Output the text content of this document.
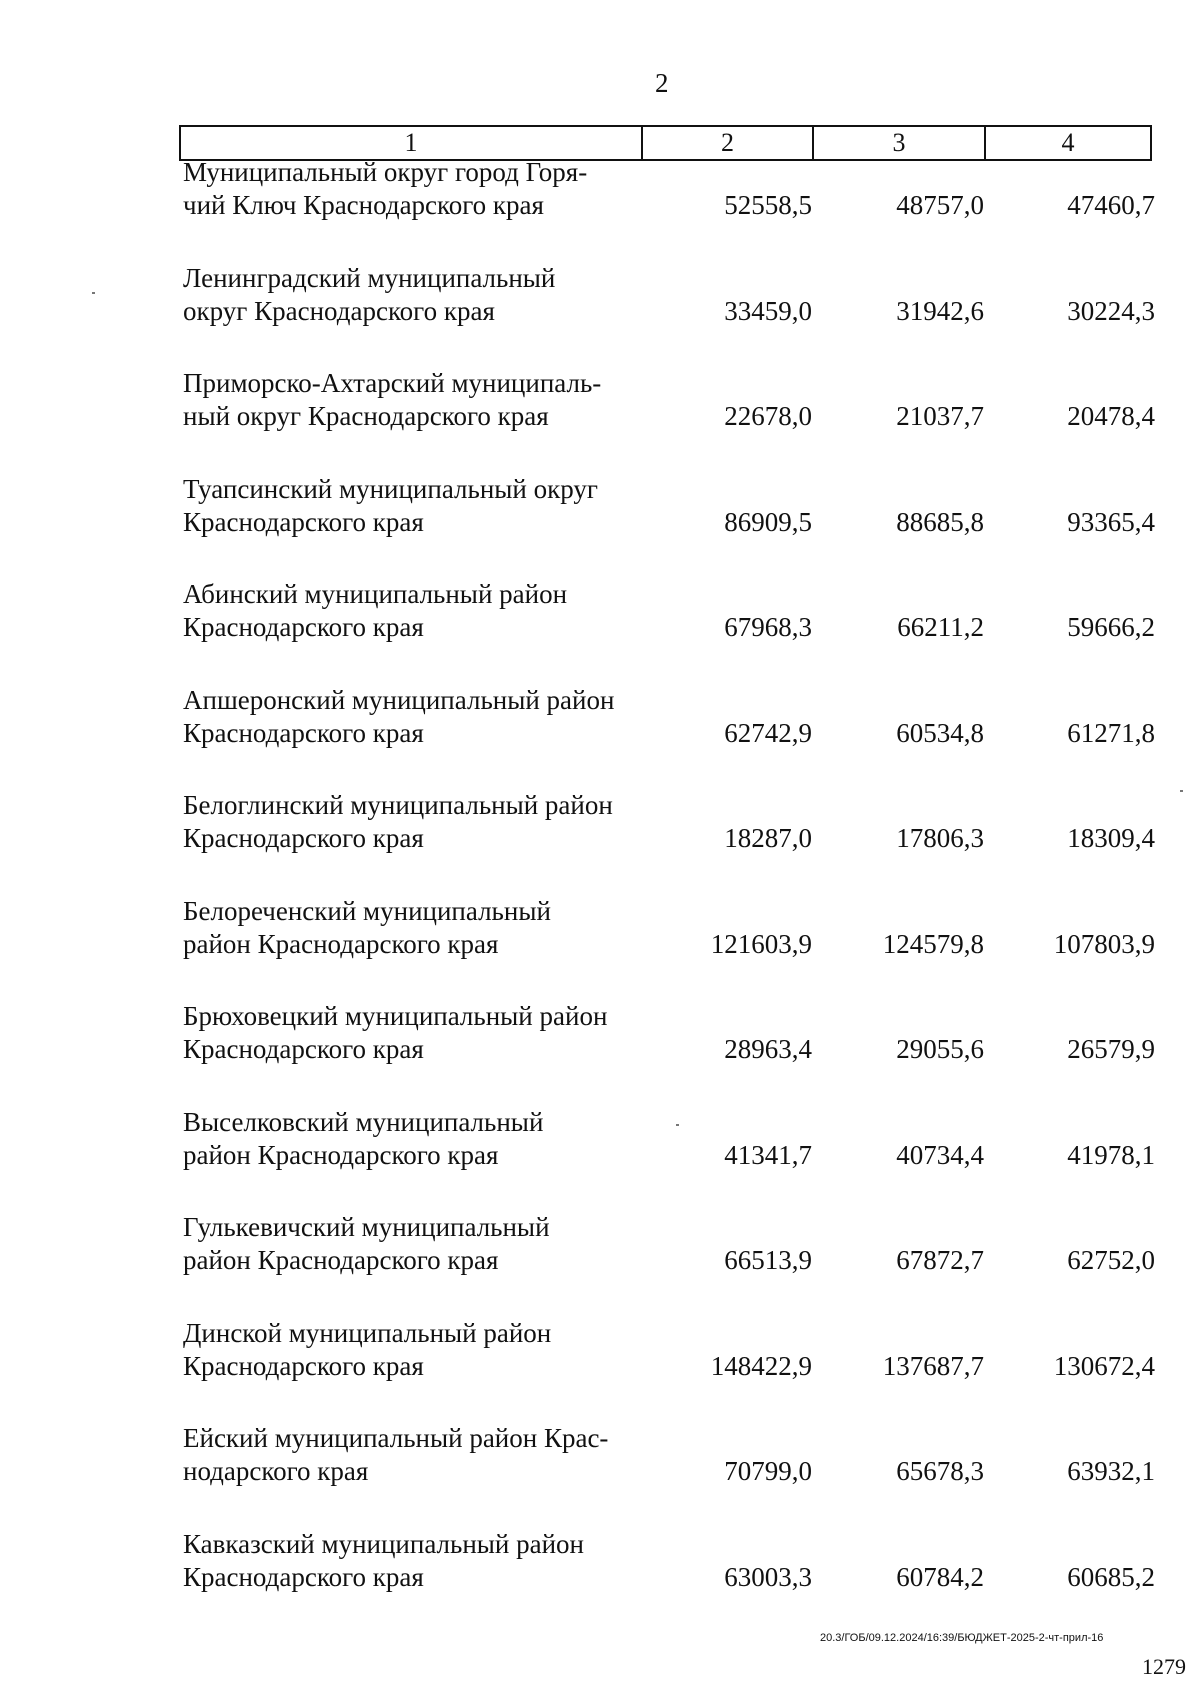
2
1	2	3	4
Муниципальный округ город Горя-
чий Ключ Краснодарского края	52558,5	48757,0	47460,7
Ленинградский муниципальный
округ Краснодарского края	33459,0	31942,6	30224,3
Приморско-Ахтарский муниципаль-
ный округ Краснодарского края	22678,0	21037,7	20478,4
Туапсинский муниципальный округ
Краснодарского края	86909,5	88685,8	93365,4
Абинский муниципальный район
Краснодарского края	67968,3	66211,2	59666,2
Апшеронский муниципальный район
Краснодарского края	62742,9	60534,8	61271,8
Белоглинский муниципальный район
Краснодарского края	18287,0	17806,3	18309,4
Белореченский муниципальный
район Краснодарского края	121603,9	124579,8	107803,9
Брюховецкий муниципальный район
Краснодарского края	28963,4	29055,6	26579,9
Выселковский муниципальный
район Краснодарского края	41341,7	40734,4	41978,1
Гулькевичский муниципальный
район Краснодарского края	66513,9	67872,7	62752,0
Динской муниципальный район
Краснодарского края	148422,9	137687,7	130672,4
Ейский муниципальный район Крас-
нодарского края	70799,0	65678,3	63932,1
Кавказский муниципальный район
Краснодарского края	63003,3	60784,2	60685,2
20.3/ГОБ/09.12.2024/16:39/БЮДЖЕТ-2025-2-чт-прил-16
1279
